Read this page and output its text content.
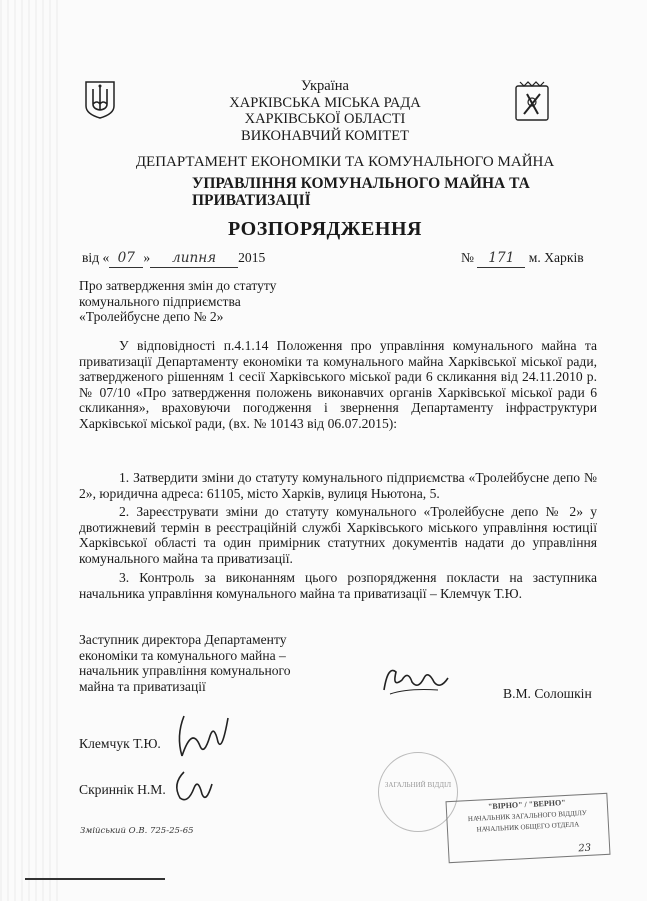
Україна
ХАРКІВСЬКА МІСЬКА РАДА
ХАРКІВСЬКОЇ ОБЛАСТІ
ВИКОНАВЧИЙ КОМІТЕТ
ДЕПАРТАМЕНТ ЕКОНОМІКИ ТА КОМУНАЛЬНОГО МАЙНА
УПРАВЛІННЯ КОМУНАЛЬНОГО МАЙНА ТА
ПРИВАТИЗАЦІЇ
РОЗПОРЯДЖЕННЯ
від « 07 » липня 2015	№ 171 м. Харків
Про затвердження змін до статуту
комунального підприємства
«Тролейбусне депо № 2»
У відповідності п.4.1.14 Положення про управління комунального майна та приватизації Департаменту економіки та комунального майна Харківської міської ради, затвердженого рішенням 1 сесії Харківського міської ради 6 скликання від 24.11.2010 р. № 07/10 «Про затвердження положень виконавчих органів Харківської міської ради 6 скликання», враховуючи погодження і звернення Департаменту інфраструктури Харківської міської ради, (вх. № 10143 від 06.07.2015):
1. Затвердити зміни до статуту комунального підприємства «Тролейбусне депо № 2», юридична адреса: 61105, місто Харків, вулиця Ньютона, 5.
2. Зареєструвати зміни до статуту комунального «Тролейбусне депо № 2» у двотижневий термін в реєстраційній службі Харківського міського управління юстиції Харківської області та один примірник статутних документів надати до управління комунального майна та приватизації.
3. Контроль за виконанням цього розпорядження покласти на заступника начальника управління комунального майна та приватизації – Клемчук Т.Ю.
Заступник директора Департаменту
економіки та комунального майна –
начальник управління комунального
майна та приватизації	В.М. Солошкін
Клемчук Т.Ю.
Скриннік Н.М.
Змійський О.В. 725-25-65
ЗАГАЛЬНИЙ ВІДДІЛ
"ВІРНО" / "ВЕРНО"
НАЧАЛЬНИК ЗАГАЛЬНОГО ВІДДІЛУ
НАЧАЛЬНИК ОБЩЕГО ОТДЕЛА
23
